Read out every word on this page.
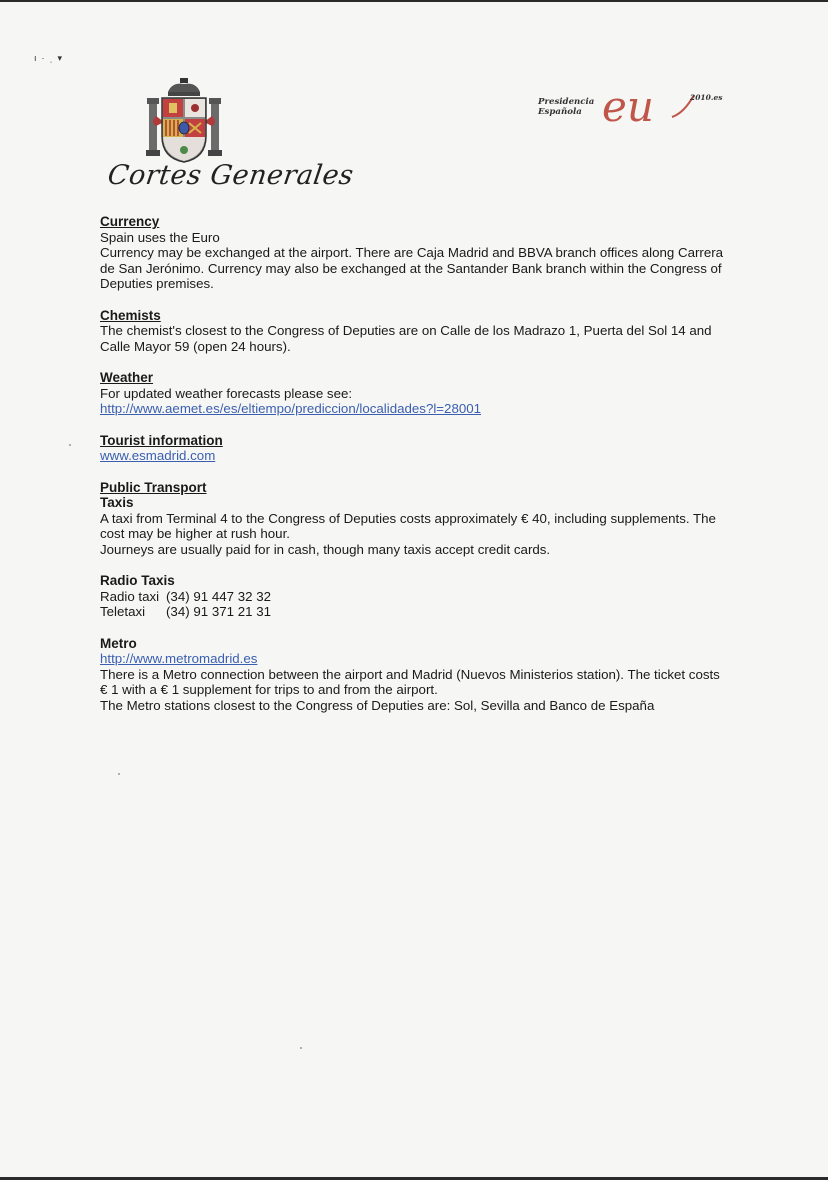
ı·ˌ▾
Cortes Generales
Presidencia
Española eu	2010.es

Currency

Spain uses the Euro

Currency may be exchanged at the airport. There are Caja Madrid and BBVA branch offices along Carrera de San Jerónimo. Currency may also be exchanged at the Santander Bank branch within the Congress of Deputies premises.

Chemists

The chemist's closest to the Congress of Deputies are on Calle de los Madrazo 1, Puerta del Sol 14 and Calle Mayor 59 (open 24 hours).

Weather

For updated weather forecasts please see:

http://www.aemet.es/es/eltiempo/prediccion/localidades?l=28001

Tourist information

www.esmadrid.com

Public Transport

Taxis

A taxi from Terminal 4 to the Congress of Deputies costs approximately € 40, including supplements. The cost may be higher at rush hour.

Journeys are usually paid for in cash, though many taxis accept credit cards.

Radio Taxis

Radio taxi (34) 91 447 32 32

Teletaxi (34) 91 371 21 31

Metro

http://www.metromadrid.es

There is a Metro connection between the airport and Madrid (Nuevos Ministerios station). The ticket costs € 1 with a € 1 supplement for trips to and from the airport.

The Metro stations closest to the Congress of Deputies are: Sol, Sevilla and Banco de España
